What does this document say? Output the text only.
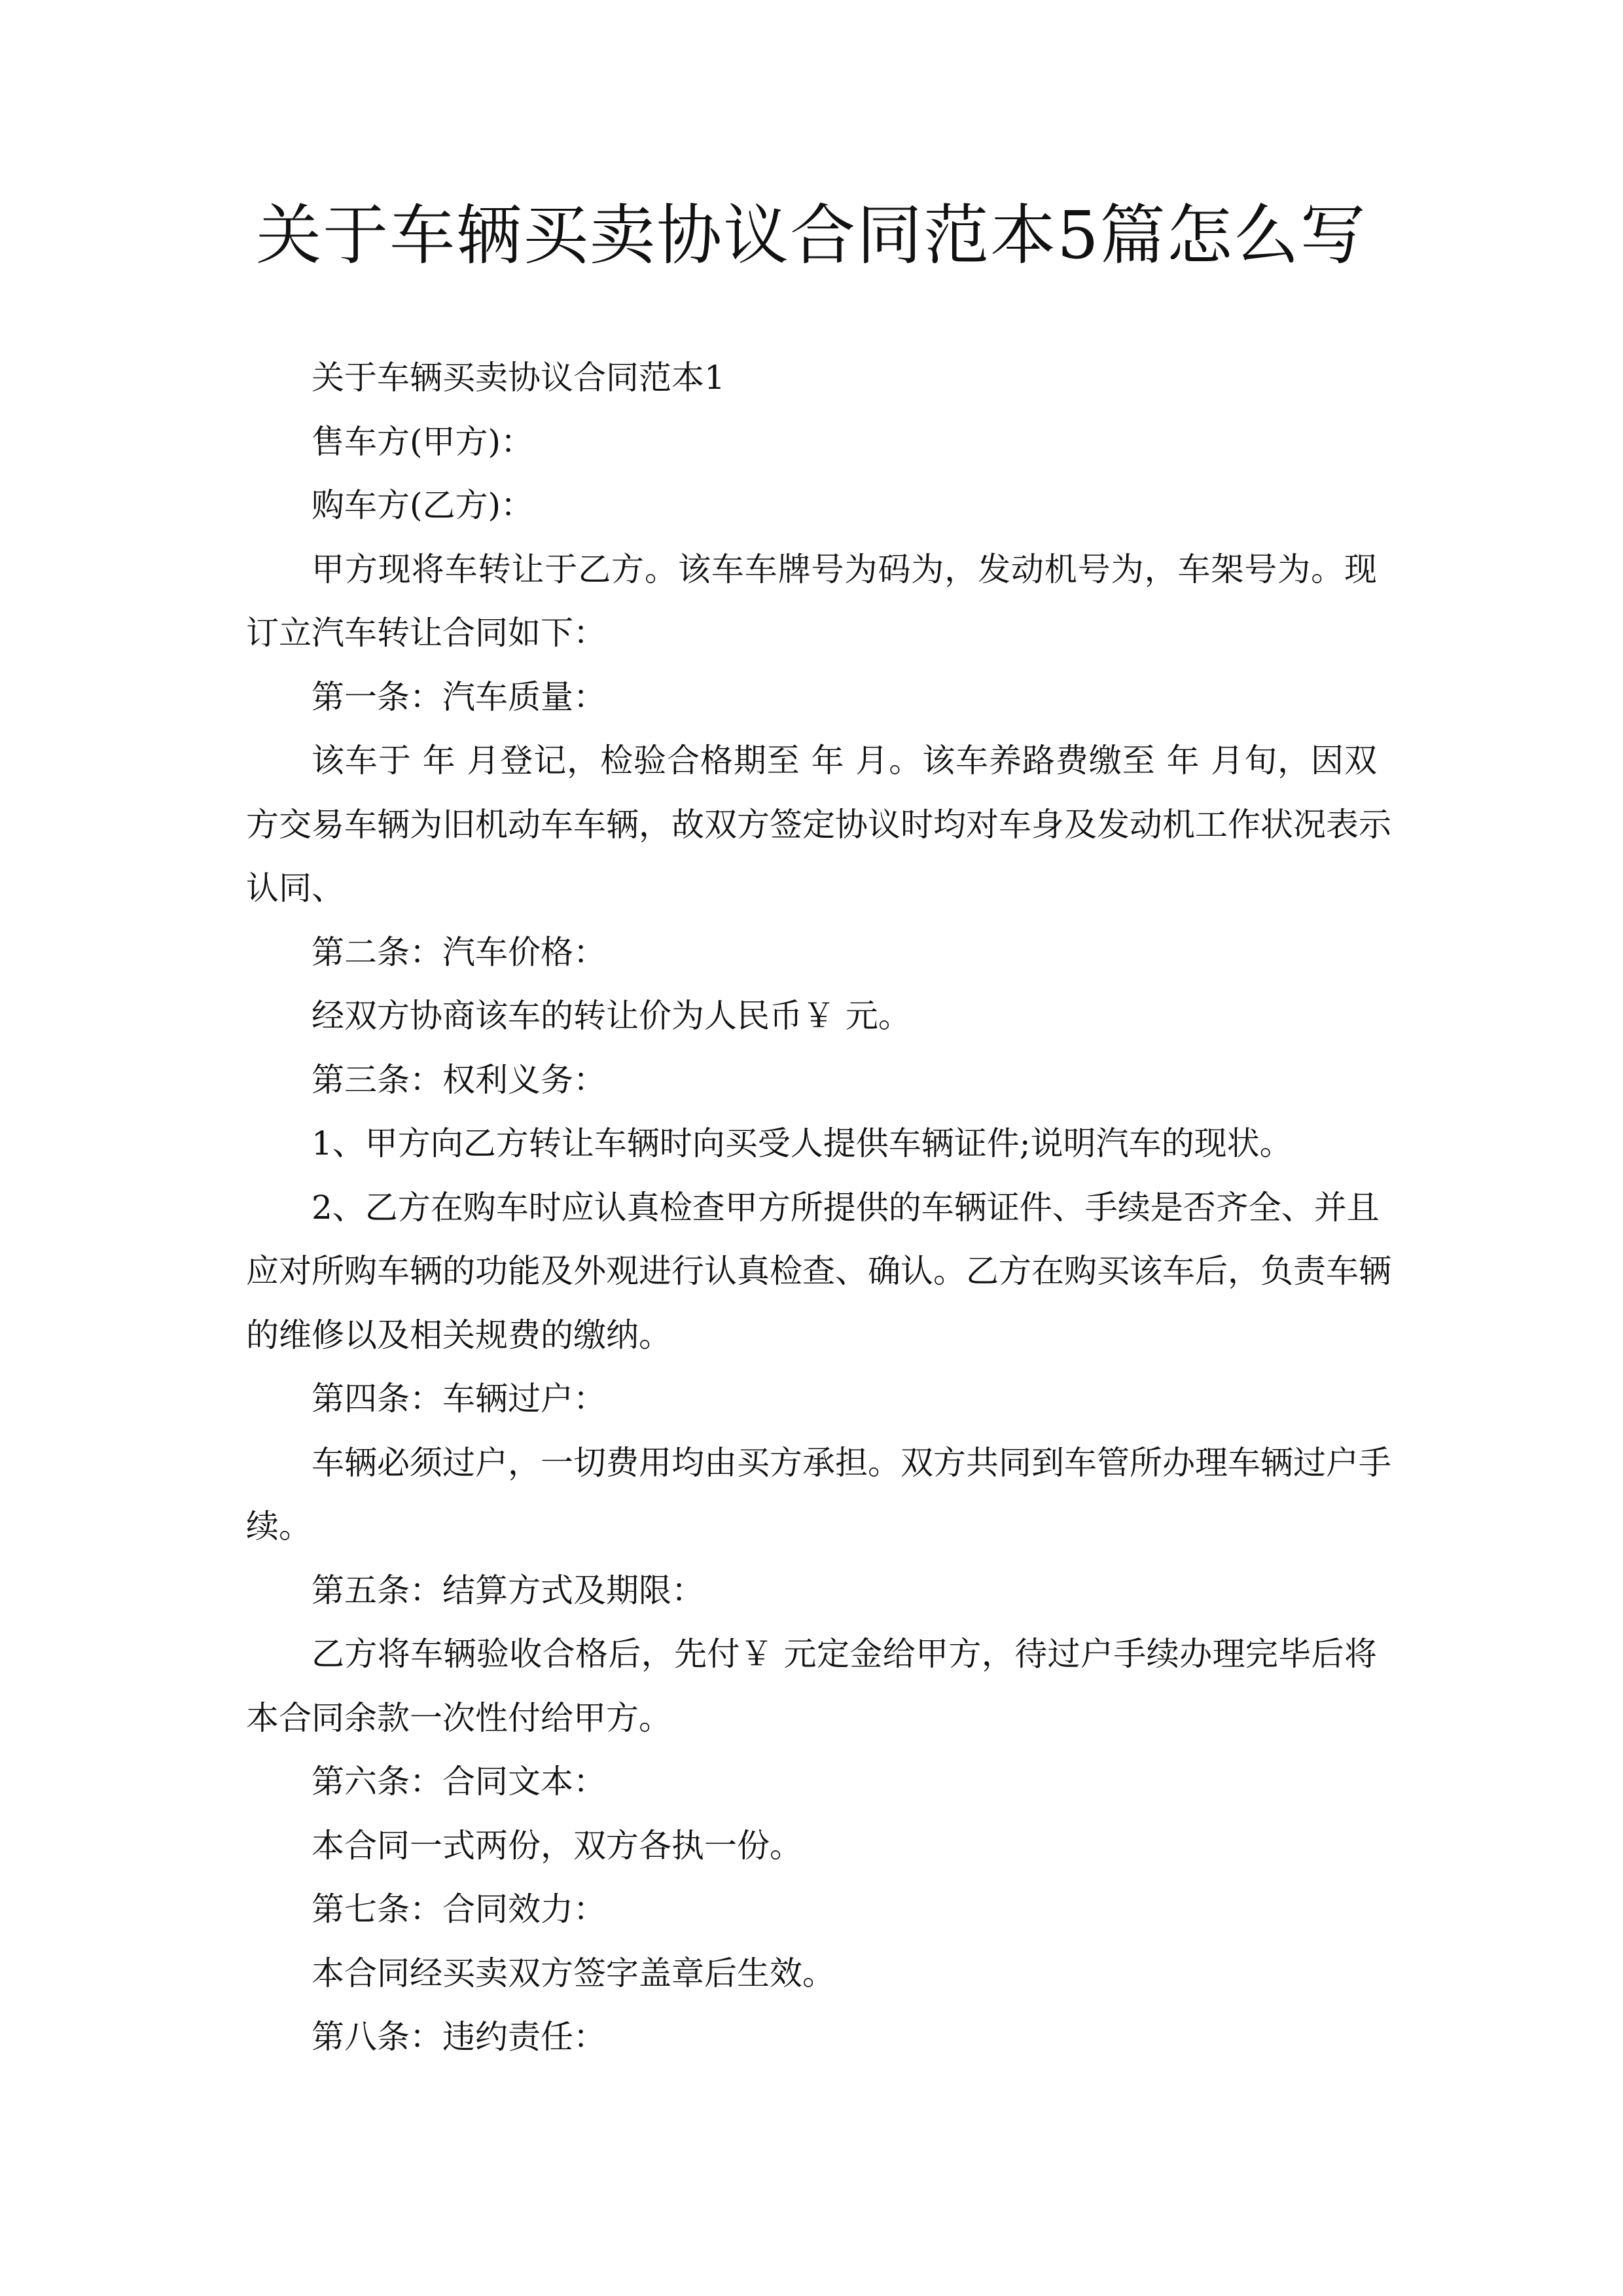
关于车辆买卖协议合同范本5篇怎么写
关于车辆买卖协议合同范本1
售车方(甲方)：
购车方(乙方)：
甲方现将车转让于乙方。该车车牌号为码为，发动机号为，车架号为。现
订立汽车转让合同如下：
第一条：汽车质量：
该车于 年 月登记，检验合格期至 年 月。该车养路费缴至 年 月旬，因双
方交易车辆为旧机动车车辆，故双方签定协议时均对车身及发动机工作状况表示
认同、
第二条：汽车价格：
经双方协商该车的转让价为人民币￥ 元。
第三条：权利义务：
1、甲方向乙方转让车辆时向买受人提供车辆证件;说明汽车的现状。
2、乙方在购车时应认真检查甲方所提供的车辆证件、手续是否齐全、并且
应对所购车辆的功能及外观进行认真检查、确认。乙方在购买该车后，负责车辆
的维修以及相关规费的缴纳。
第四条：车辆过户：
车辆必须过户，一切费用均由买方承担。双方共同到车管所办理车辆过户手
续。
第五条：结算方式及期限：
乙方将车辆验收合格后，先付￥ 元定金给甲方，待过户手续办理完毕后将
本合同余款一次性付给甲方。
第六条：合同文本：
本合同一式两份，双方各执一份。
第七条：合同效力：
本合同经买卖双方签字盖章后生效。
第八条：违约责任：
